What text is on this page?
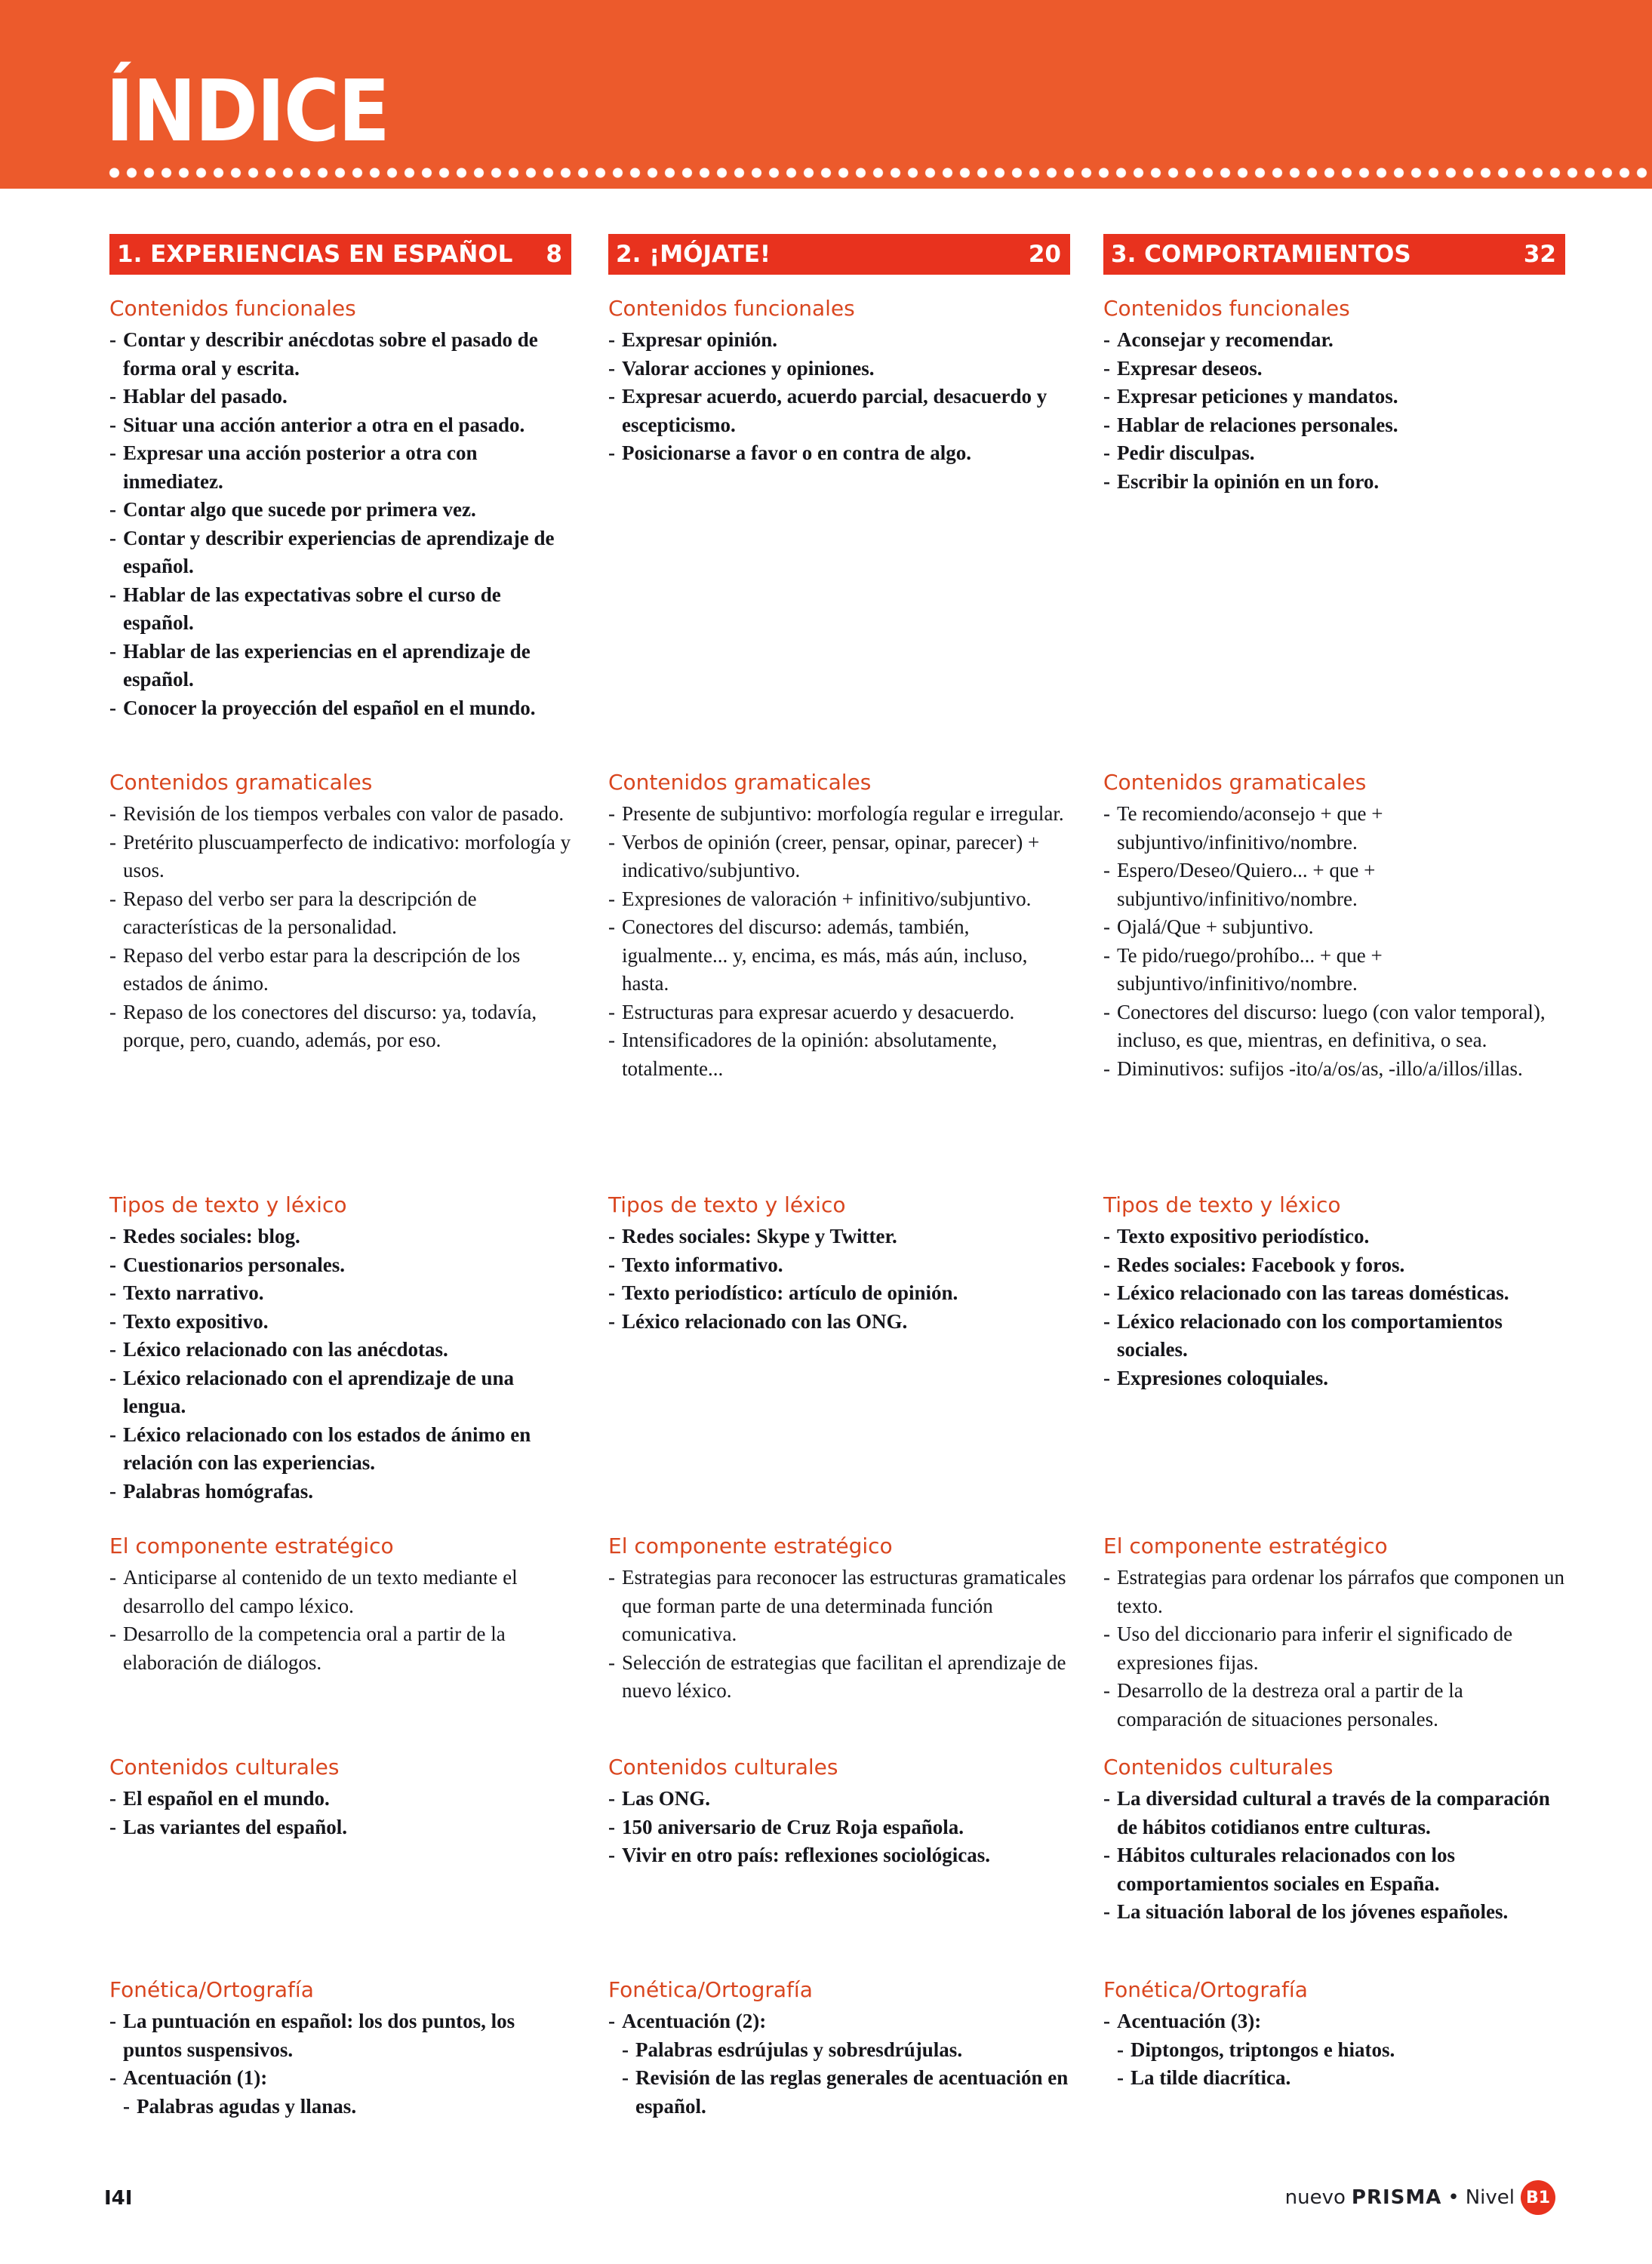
ÍNDICE
1. EXPERIENCIAS EN ESPAÑOL 8
Contenidos funcionales
- Contar y describir anécdotas sobre el pasado de forma oral y escrita.
- Hablar del pasado.
- Situar una acción anterior a otra en el pasado.
- Expresar una acción posterior a otra con inmediatez.
- Contar algo que sucede por primera vez.
- Contar y describir experiencias de aprendizaje de español.
- Hablar de las expectativas sobre el curso de español.
- Hablar de las experiencias en el aprendizaje de español.
- Conocer la proyección del español en el mundo.
Contenidos gramaticales
- Revisión de los tiempos verbales con valor de pasado.
- Pretérito pluscuamperfecto de indicativo: morfología y usos.
- Repaso del verbo ser para la descripción de características de la personalidad.
- Repaso del verbo estar para la descripción de los estados de ánimo.
- Repaso de los conectores del discurso: ya, todavía, porque, pero, cuando, además, por eso.
Tipos de texto y léxico
- Redes sociales: blog.
- Cuestionarios personales.
- Texto narrativo.
- Texto expositivo.
- Léxico relacionado con las anécdotas.
- Léxico relacionado con el aprendizaje de una lengua.
- Léxico relacionado con los estados de ánimo en relación con las experiencias.
- Palabras homógrafas.
El componente estratégico
- Anticiparse al contenido de un texto mediante el desarrollo del campo léxico.
- Desarrollo de la competencia oral a partir de la elaboración de diálogos.
Contenidos culturales
- El español en el mundo.
- Las variantes del español.
Fonética/Ortografía
- La puntuación en español: los dos puntos, los puntos suspensivos.
- Acentuación (1):
- Palabras agudas y llanas.
2. ¡MÓJATE!	20
Contenidos funcionales
- Expresar opinión.
- Valorar acciones y opiniones.
- Expresar acuerdo, acuerdo parcial, desacuerdo y escepticismo.
- Posicionarse a favor o en contra de algo.
Contenidos gramaticales
- Presente de subjuntivo: morfología regular e irregular.
- Verbos de opinión (creer, pensar, opinar, parecer) + indicativo/subjuntivo.
- Expresiones de valoración + infinitivo/subjuntivo.
- Conectores del discurso: además, también, igualmente... y, encima, es más, más aún, incluso, hasta.
- Estructuras para expresar acuerdo y desacuerdo.
- Intensificadores de la opinión: absolutamente, totalmente...
Tipos de texto y léxico
- Redes sociales: Skype y Twitter.
- Texto informativo.
- Texto periodístico: artículo de opinión.
- Léxico relacionado con las ONG.
El componente estratégico
- Estrategias para reconocer las estructuras gramaticales que forman parte de una determinada función comunicativa.
- Selección de estrategias que facilitan el aprendizaje de nuevo léxico.
Contenidos culturales
- Las ONG.
- 150 aniversario de Cruz Roja española.
- Vivir en otro país: reflexiones sociológicas.
Fonética/Ortografía
- Acentuación (2):
- Palabras esdrújulas y sobresdrújulas.
- Revisión de las reglas generales de acentuación en español.
3. COMPORTAMIENTOS	32
Contenidos funcionales
- Aconsejar y recomendar.
- Expresar deseos.
- Expresar peticiones y mandatos.
- Hablar de relaciones personales.
- Pedir disculpas.
- Escribir la opinión en un foro.
Contenidos gramaticales
- Te recomiendo/aconsejo + que + subjuntivo/infinitivo/nombre.
- Espero/Deseo/Quiero... + que + subjuntivo/infinitivo/nombre.
- Ojalá/Que + subjuntivo.
- Te pido/ruego/prohíbo... + que + subjuntivo/infinitivo/nombre.
- Conectores del discurso: luego (con valor temporal), incluso, es que, mientras, en definitiva, o sea.
- Diminutivos: sufijos -ito/a/os/as, -illo/a/illos/illas.
Tipos de texto y léxico
- Texto expositivo periodístico.
- Redes sociales: Facebook y foros.
- Léxico relacionado con las tareas domésticas.
- Léxico relacionado con los comportamientos sociales.
- Expresiones coloquiales.
El componente estratégico
- Estrategias para ordenar los párrafos que componen un texto.
- Uso del diccionario para inferir el significado de expresiones fijas.
- Desarrollo de la destreza oral a partir de la comparación de situaciones personales.
Contenidos culturales
- La diversidad cultural a través de la comparación de hábitos cotidianos entre culturas.
- Hábitos culturales relacionados con los comportamientos sociales en España.
- La situación laboral de los jóvenes españoles.
Fonética/Ortografía
- Acentuación (3):
- Diptongos, triptongos e hiatos.
- La tilde diacrítica.
I4I	nuevo PRISMA • Nivel B1
